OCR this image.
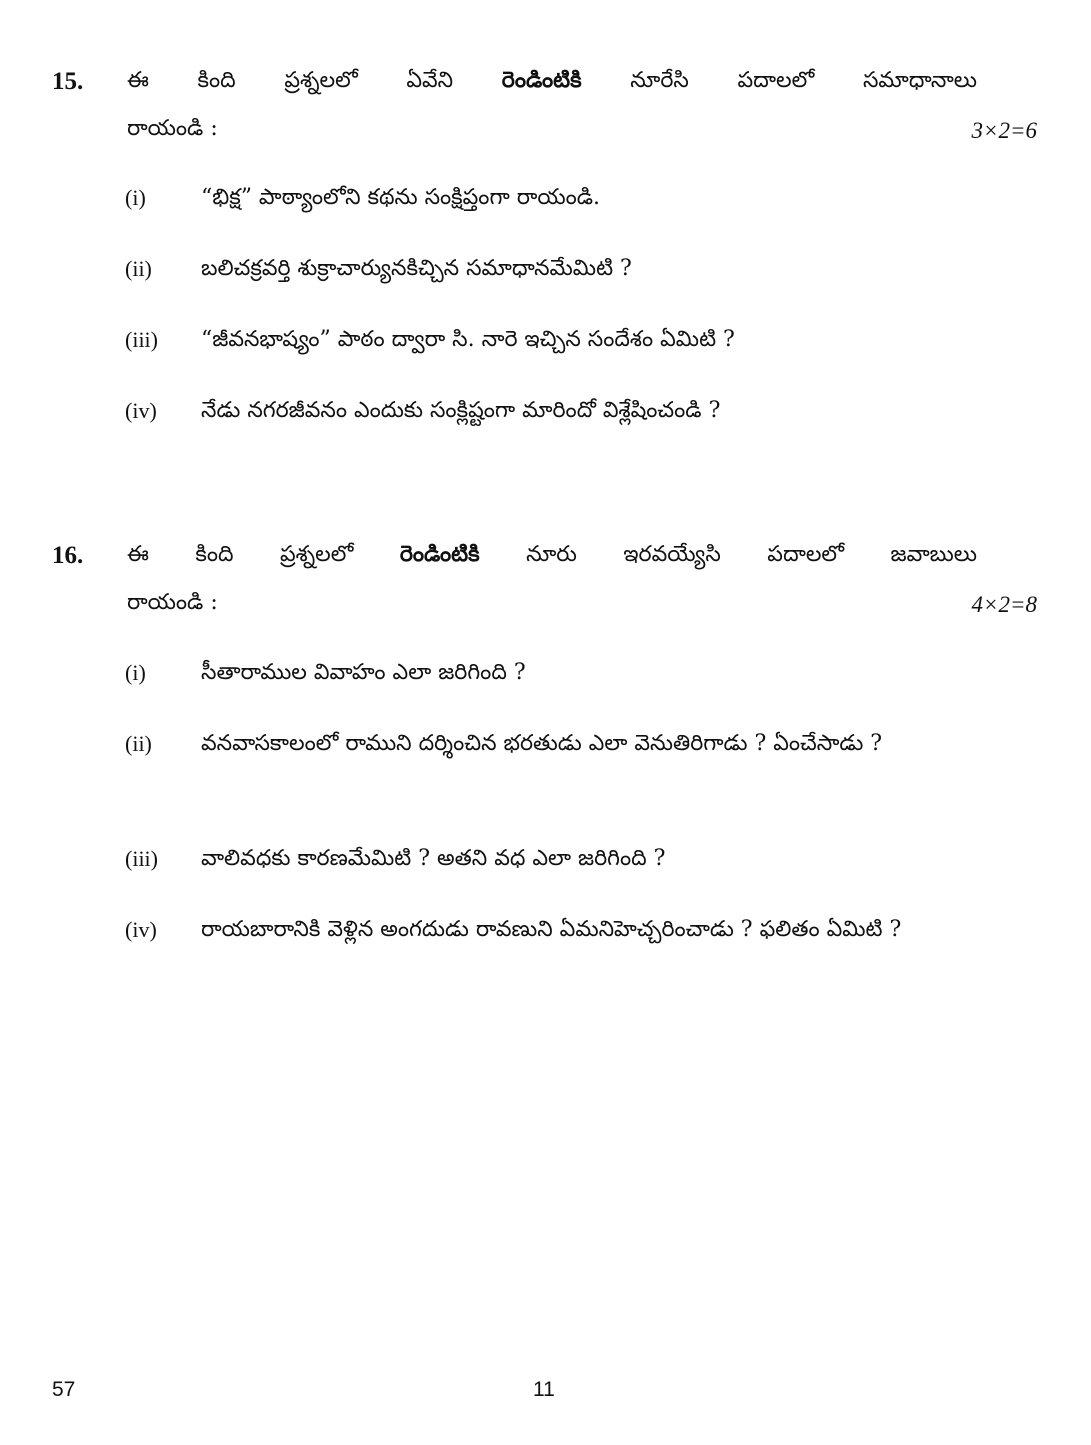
15. ఈ కింది ప్రశ్నలలో ఏవేని రెండింటికి నూరేసి పదాలలో సమాధానాలు
రాయండి :	3×2=6
(i)	“భిక్ష” పాఠ్యాంలోని కథను సంక్షిప్తంగా రాయండి.
(ii) బలిచక్రవర్తి శుక్రాచార్యునకిచ్చిన సమాధానమేమిటి ?
(iii) “జీవనభాష్యం” పాఠం ద్వారా సి. నారె ఇచ్చిన సందేశం ఏమిటి ?
(iv) నేడు నగరజీవనం ఎందుకు సంక్లిష్టంగా మారిందో విశ్లేషించండి ?
16. ఈ కింది ప్రశ్నలలో రెండింటికి నూరు ఇరవయ్యేసి పదాలలో జవాబులు
రాయండి :	4×2=8
(i)	సీతారాముల వివాహం ఎలా జరిగింది ?
(ii) వనవాసకాలంలో రాముని దర్శించిన భరతుడు ఎలా వెనుతిరిగాడు ? ఏంచేసాడు ?
(iii) వాలివధకు కారణమేమిటి ? అతని వధ ఎలా జరిగింది ?
(iv) రాయబారానికి వెళ్లిన అంగదుడు రావణుని ఏమనిహెచ్చరించాడు ? ఫలితం ఏమిటి ?
57	11
